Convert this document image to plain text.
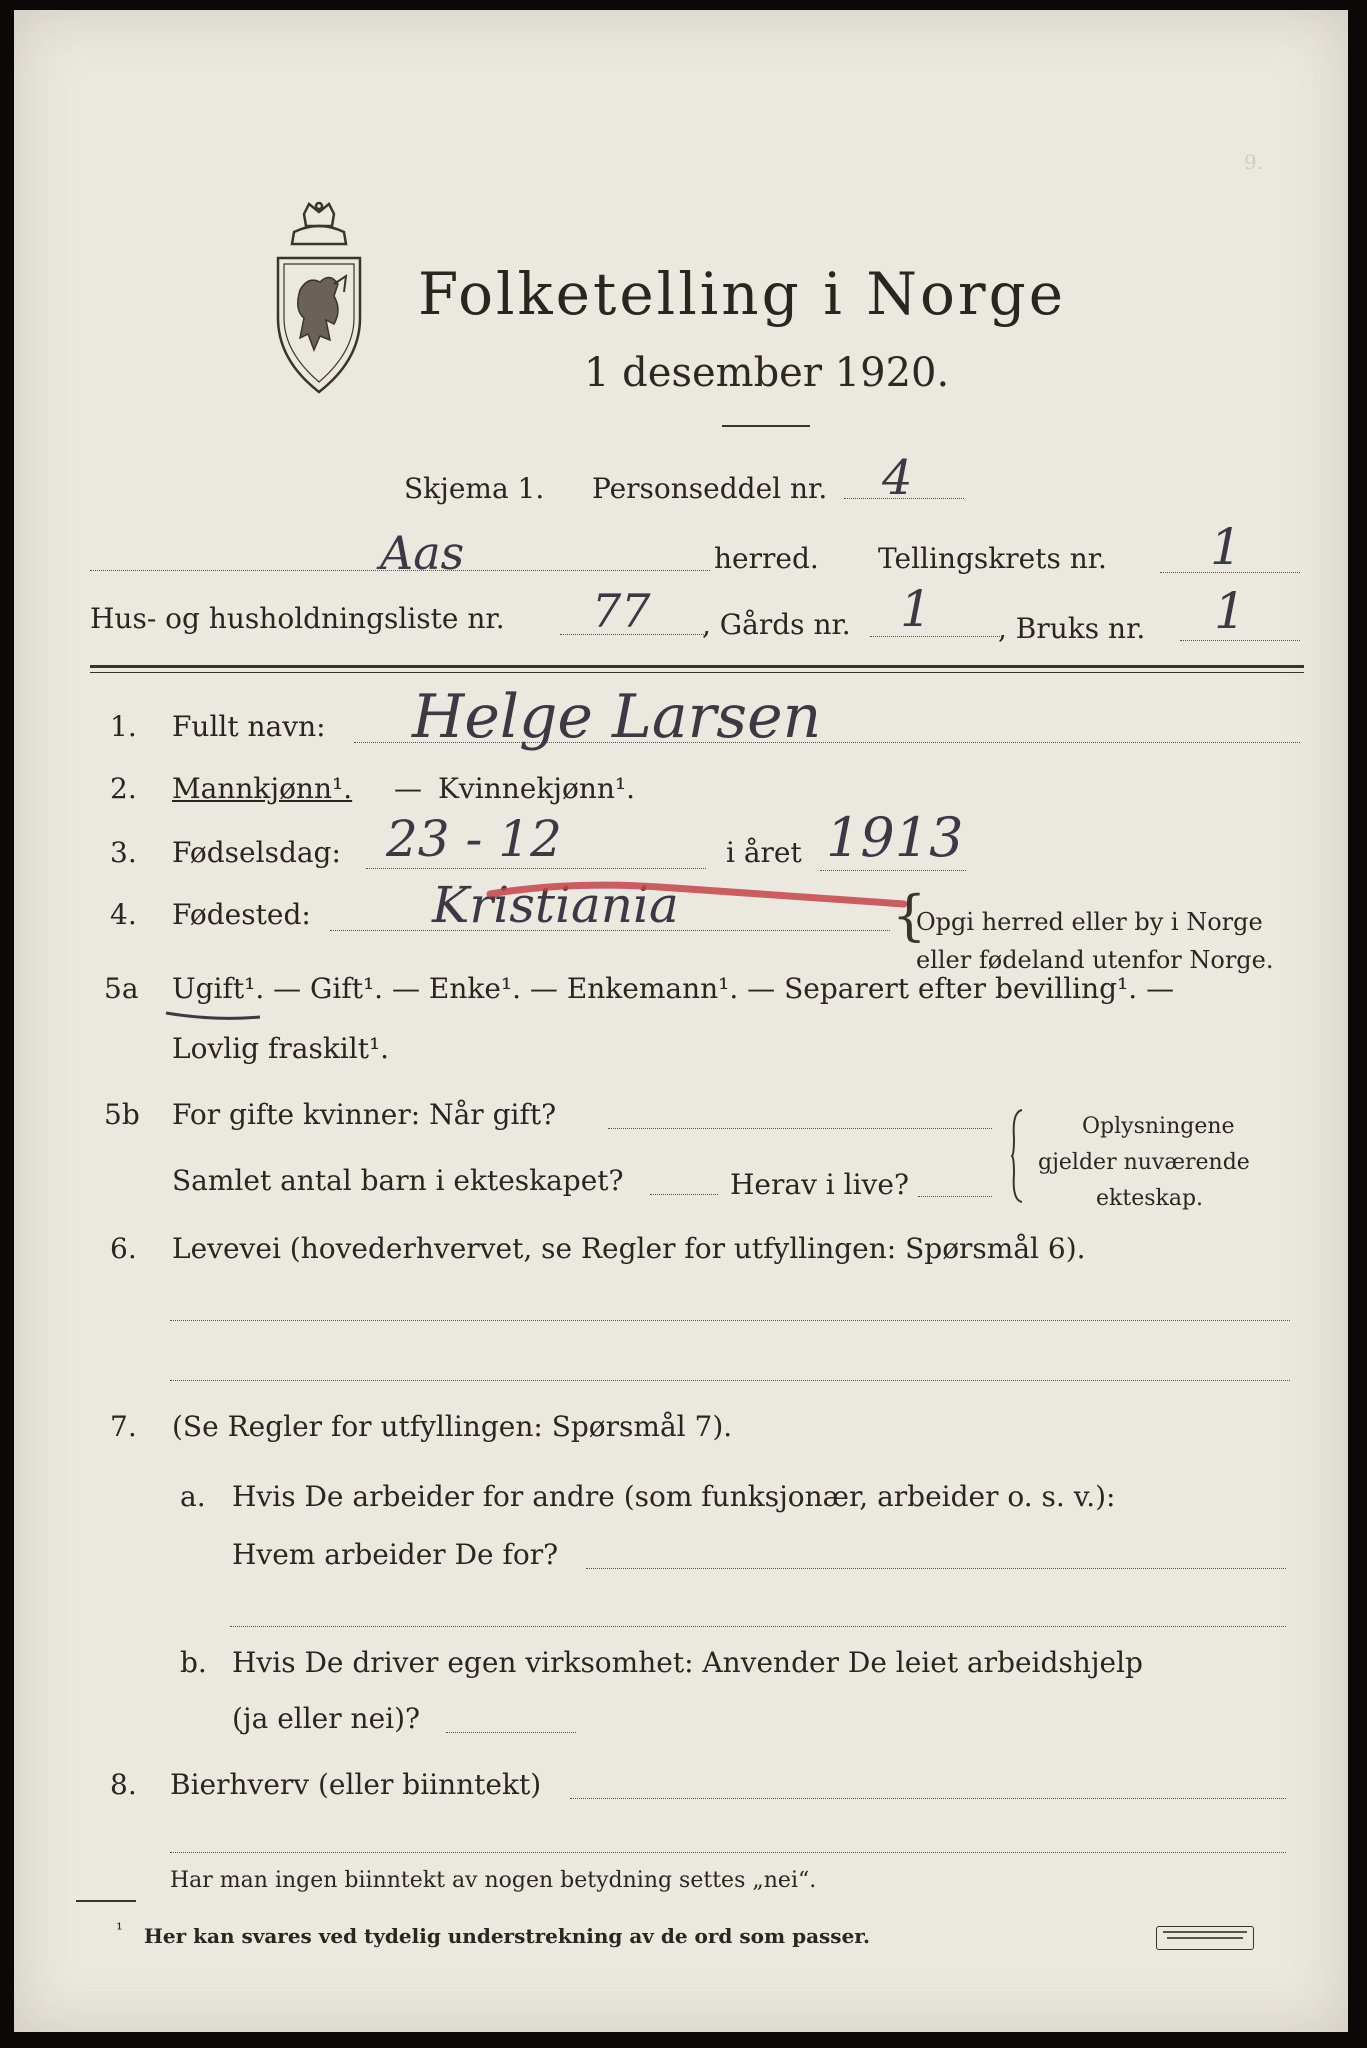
9.
Folketelling i Norge
1 desember 1920.
Skjema 1. Personseddel nr. 4
Aas	herred. Tellingskrets nr. 1
Hus- og husholdningsliste nr. 77 , Gårds nr. 1 , Bruks nr. 1
1. Fullt navn: Helge Larsen
2. Mannkjønn¹. — Kvinnekjønn¹.
3. Fødselsdag: 23 - 12	i året 1913
4. Fødested: Kristiania	{
Opgi herred eller by i Norge
eller fødeland utenfor Norge.
5a Ugift¹. — Gift¹. — Enke¹. — Enkemann¹. — Separert efter bevilling¹. —
Lovlig fraskilt¹.
5b For gifte kvinner: Når gift?
Samlet antal barn i ekteskapet?	Herav i live?
Oplysningene
gjelder nuværende
ekteskap.
6. Levevei (hovederhvervet, se Regler for utfyllingen: Spørsmål 6).
7. (Se Regler for utfyllingen: Spørsmål 7).
a. Hvis De arbeider for andre (som funksjonær, arbeider o. s. v.):
Hvem arbeider De for?
b. Hvis De driver egen virksomhet: Anvender De leiet arbeidshjelp
(ja eller nei)?
8. Bierhverv (eller biinntekt)
Har man ingen biinntekt av nogen betydning settes „nei“.
¹ Her kan svares ved tydelig understrekning av de ord som passer.
